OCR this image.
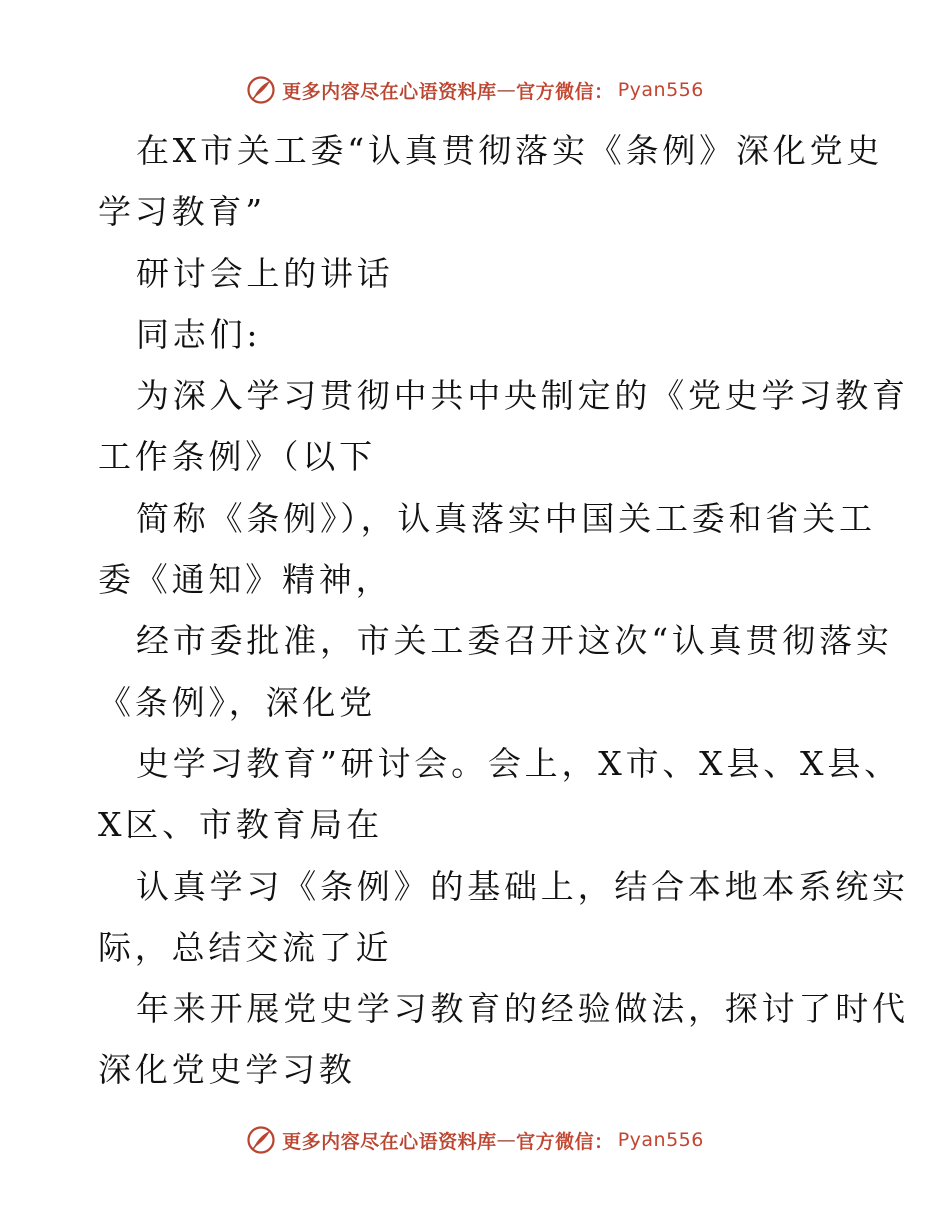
更多内容尽在心语资料库 — 官方微信： Pyan556
在X市关工委“认真贯彻落实《条例》深化党史
学习教育”
研讨会上的讲话
同志们:
为深入学习贯彻中共中央制定的《党史学习教育
工作条例》（以下
简称《条例》），认真落实中国关工委和省关工
委《通知》精神，
经市委批准，市关工委召开这次“认真贯彻落实
《条例》，深化党
史学习教育”研讨会。会上，X市、X县、X县、
X区、市教育局在
认真学习《条例》的基础上，结合本地本系统实
际，总结交流了近
年来开展党史学习教育的经验做法，探讨了时代
深化党史学习教
更多内容尽在心语资料库 — 官方微信： Pyan556
